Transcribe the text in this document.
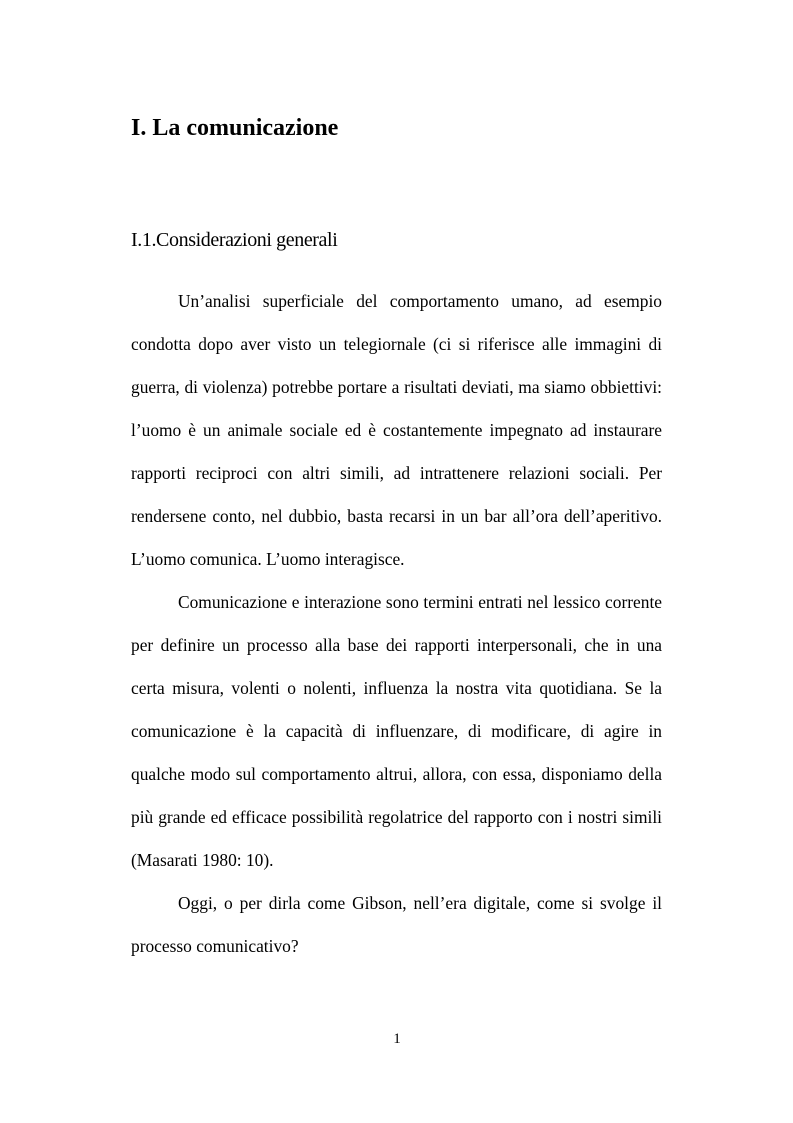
I. La comunicazione
I.1.Considerazioni generali

Un’analisi superficiale del comportamento umano, ad esempio condotta dopo aver visto un telegiornale (ci si riferisce alle immagini di guerra, di violenza) potrebbe portare a risultati deviati, ma siamo obbiettivi: l’uomo è un animale sociale ed è costantemente impegnato ad instaurare rapporti reciproci con altri simili, ad intrattenere relazioni sociali. Per rendersene conto, nel dubbio, basta recarsi in un bar all’ora dell’aperitivo. L’uomo comunica. L’uomo interagisce.

Comunicazione e interazione sono termini entrati nel lessico corrente per definire un processo alla base dei rapporti interpersonali, che in una certa misura, volenti o nolenti, influenza la nostra vita quotidiana. Se la comunicazione è la capacità di influenzare, di modificare, di agire in qualche modo sul comportamento altrui, allora, con essa, disponiamo della più grande ed efficace possibilità regolatrice del rapporto con i nostri simili (Masarati 1980: 10).

Oggi, o per dirla come Gibson, nell’era digitale, come si svolge il processo comunicativo?

1
